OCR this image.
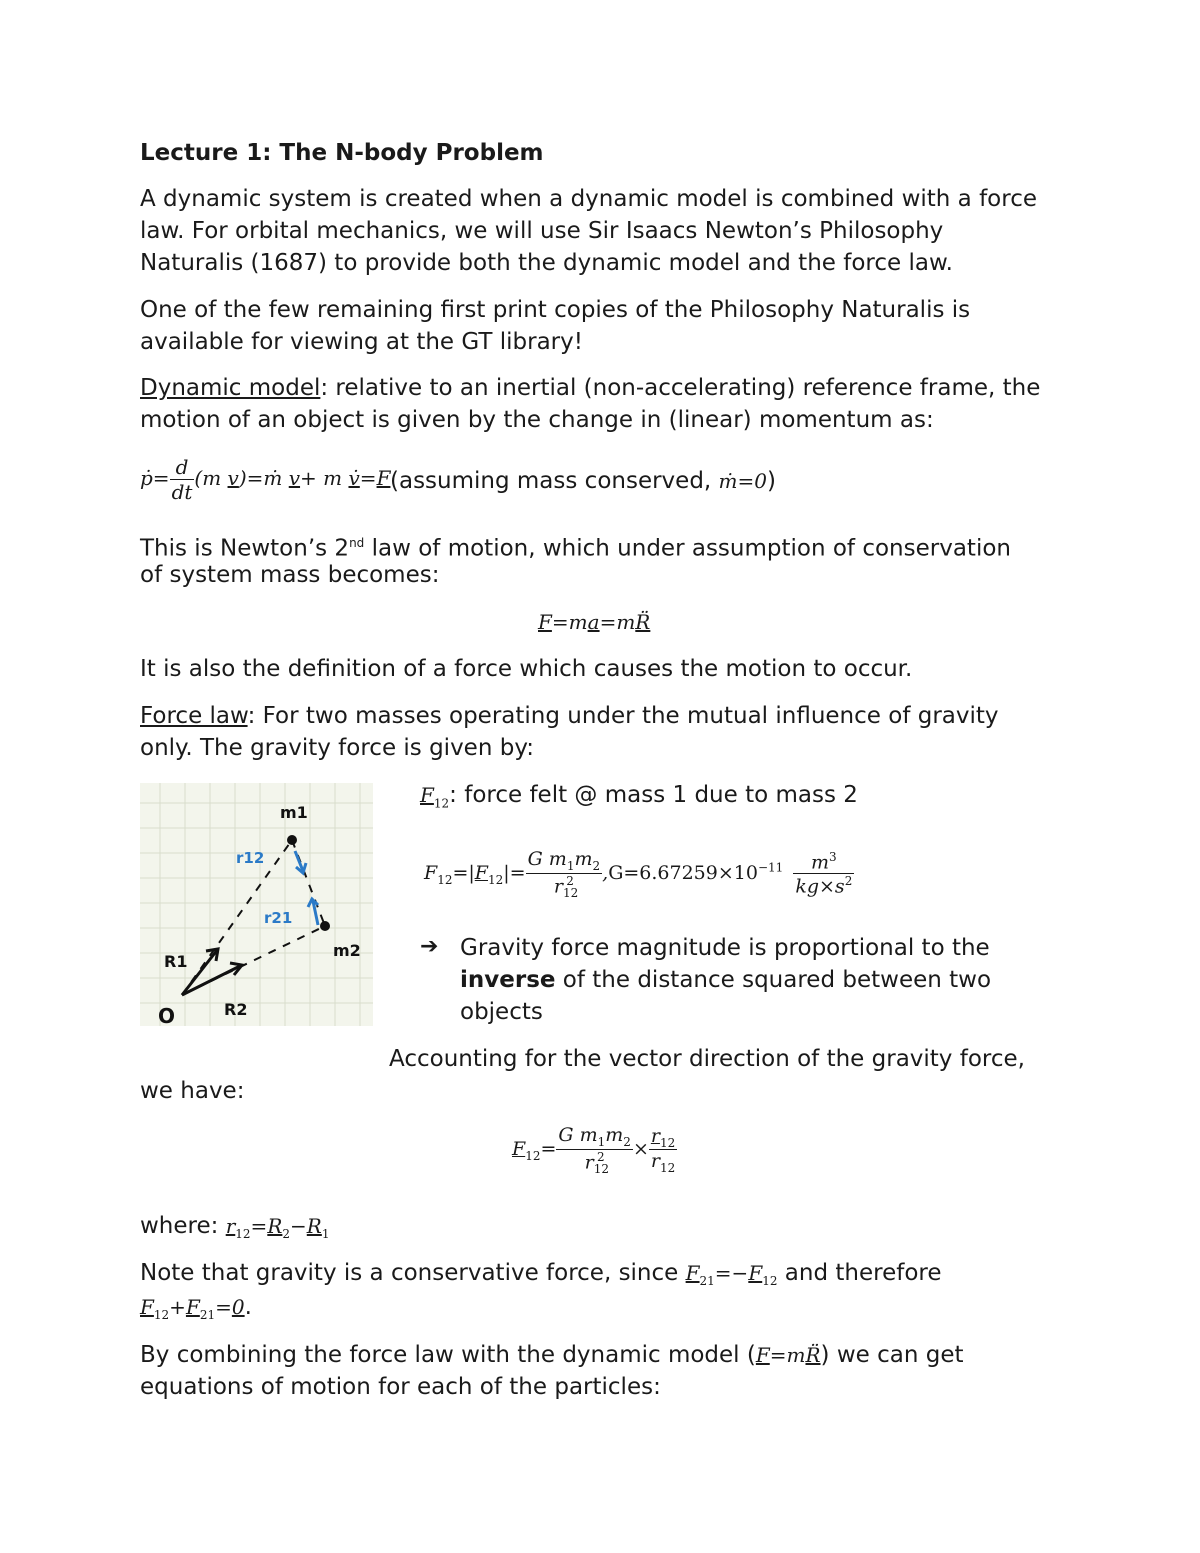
Lecture 1: The N-body Problem
A dynamic system is created when a dynamic model is combined with a force
law. For orbital mechanics, we will use Sir Isaacs Newton’s Philosophy
Naturalis (1687) to provide both the dynamic model and the force law.
One of the few remaining first print copies of the Philosophy Naturalis is
available for viewing at the GT library!
Dynamic model: relative to an inertial (non-accelerating) reference frame, the
motion of an object is given by the change in (linear) momentum as:
ṗ= $\frac{d}{dt} (m$ v)=ṁ v+ m v̇=F (assuming mass conserved, ṁ=0)
This is Newton’s 2nd law of motion, which under assumption of conservation
of system mass becomes:
F=ma=mR̈
It is also the definition of a force which causes the motion to occur.
Force law: For two masses operating under the mutual influence of gravity
only. The gravity force is given by:
m1
m2
R1
R2
O
r12
r21
$F_{12}$: force felt @ mass 1 due to mass 2
$F_{12}=|F_{12}|= \frac{G m_1m_2}{r_{12}^2} ,G=6.67259\times 10^{-11} \frac{m^3}{kg\times s^2}$
➔ Gravity force magnitude is proportional to the
inverse of the distance squared between two
objects
Accounting for the vector direction of the gravity force,
we have:
$F_{12}= \frac{G m_1m_2}{r_{12}^2} \times \frac{r_{12}}{r_{12}}$
where: $r_{12}=R_2-R_1$
Note that gravity is a conservative force, since $F_{21}=-F_{12}$ and therefore
$F_{12}+F_{21}=0$.
By combining the force law with the dynamic model (F=mR̈) we can get
equations of motion for each of the particles:
